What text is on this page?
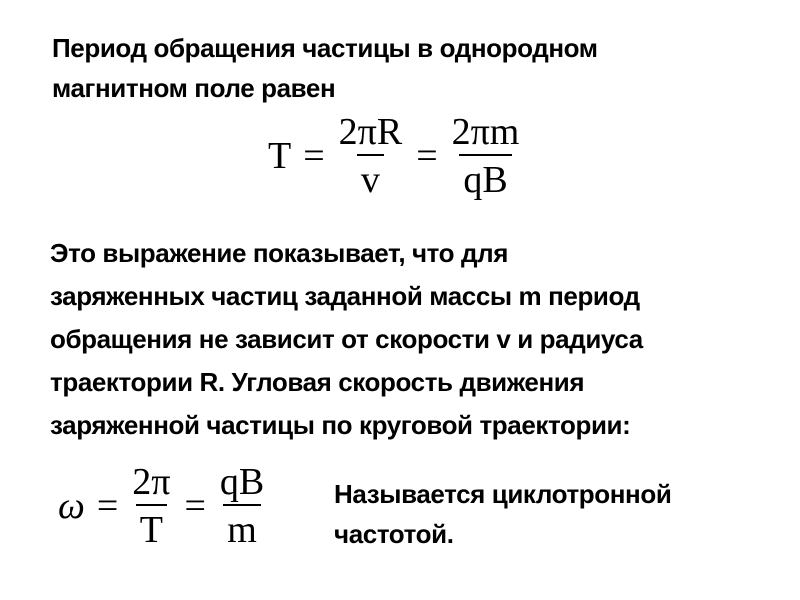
Период обращения частицы в однородном
магнитном поле равен
$T = \frac{2\pi R}{v} = \frac{2\pi m}{qB}$
Это выражение показывает, что для
заряженных частиц заданной массы m период
обращения не зависит от скорости v и радиуса
траектории R. Угловая скорость движения
заряженной частицы по круговой траектории:
$\omega = \frac{2\pi}{T} = \frac{qB}{m}$	Называется циклотронной
частотой.
